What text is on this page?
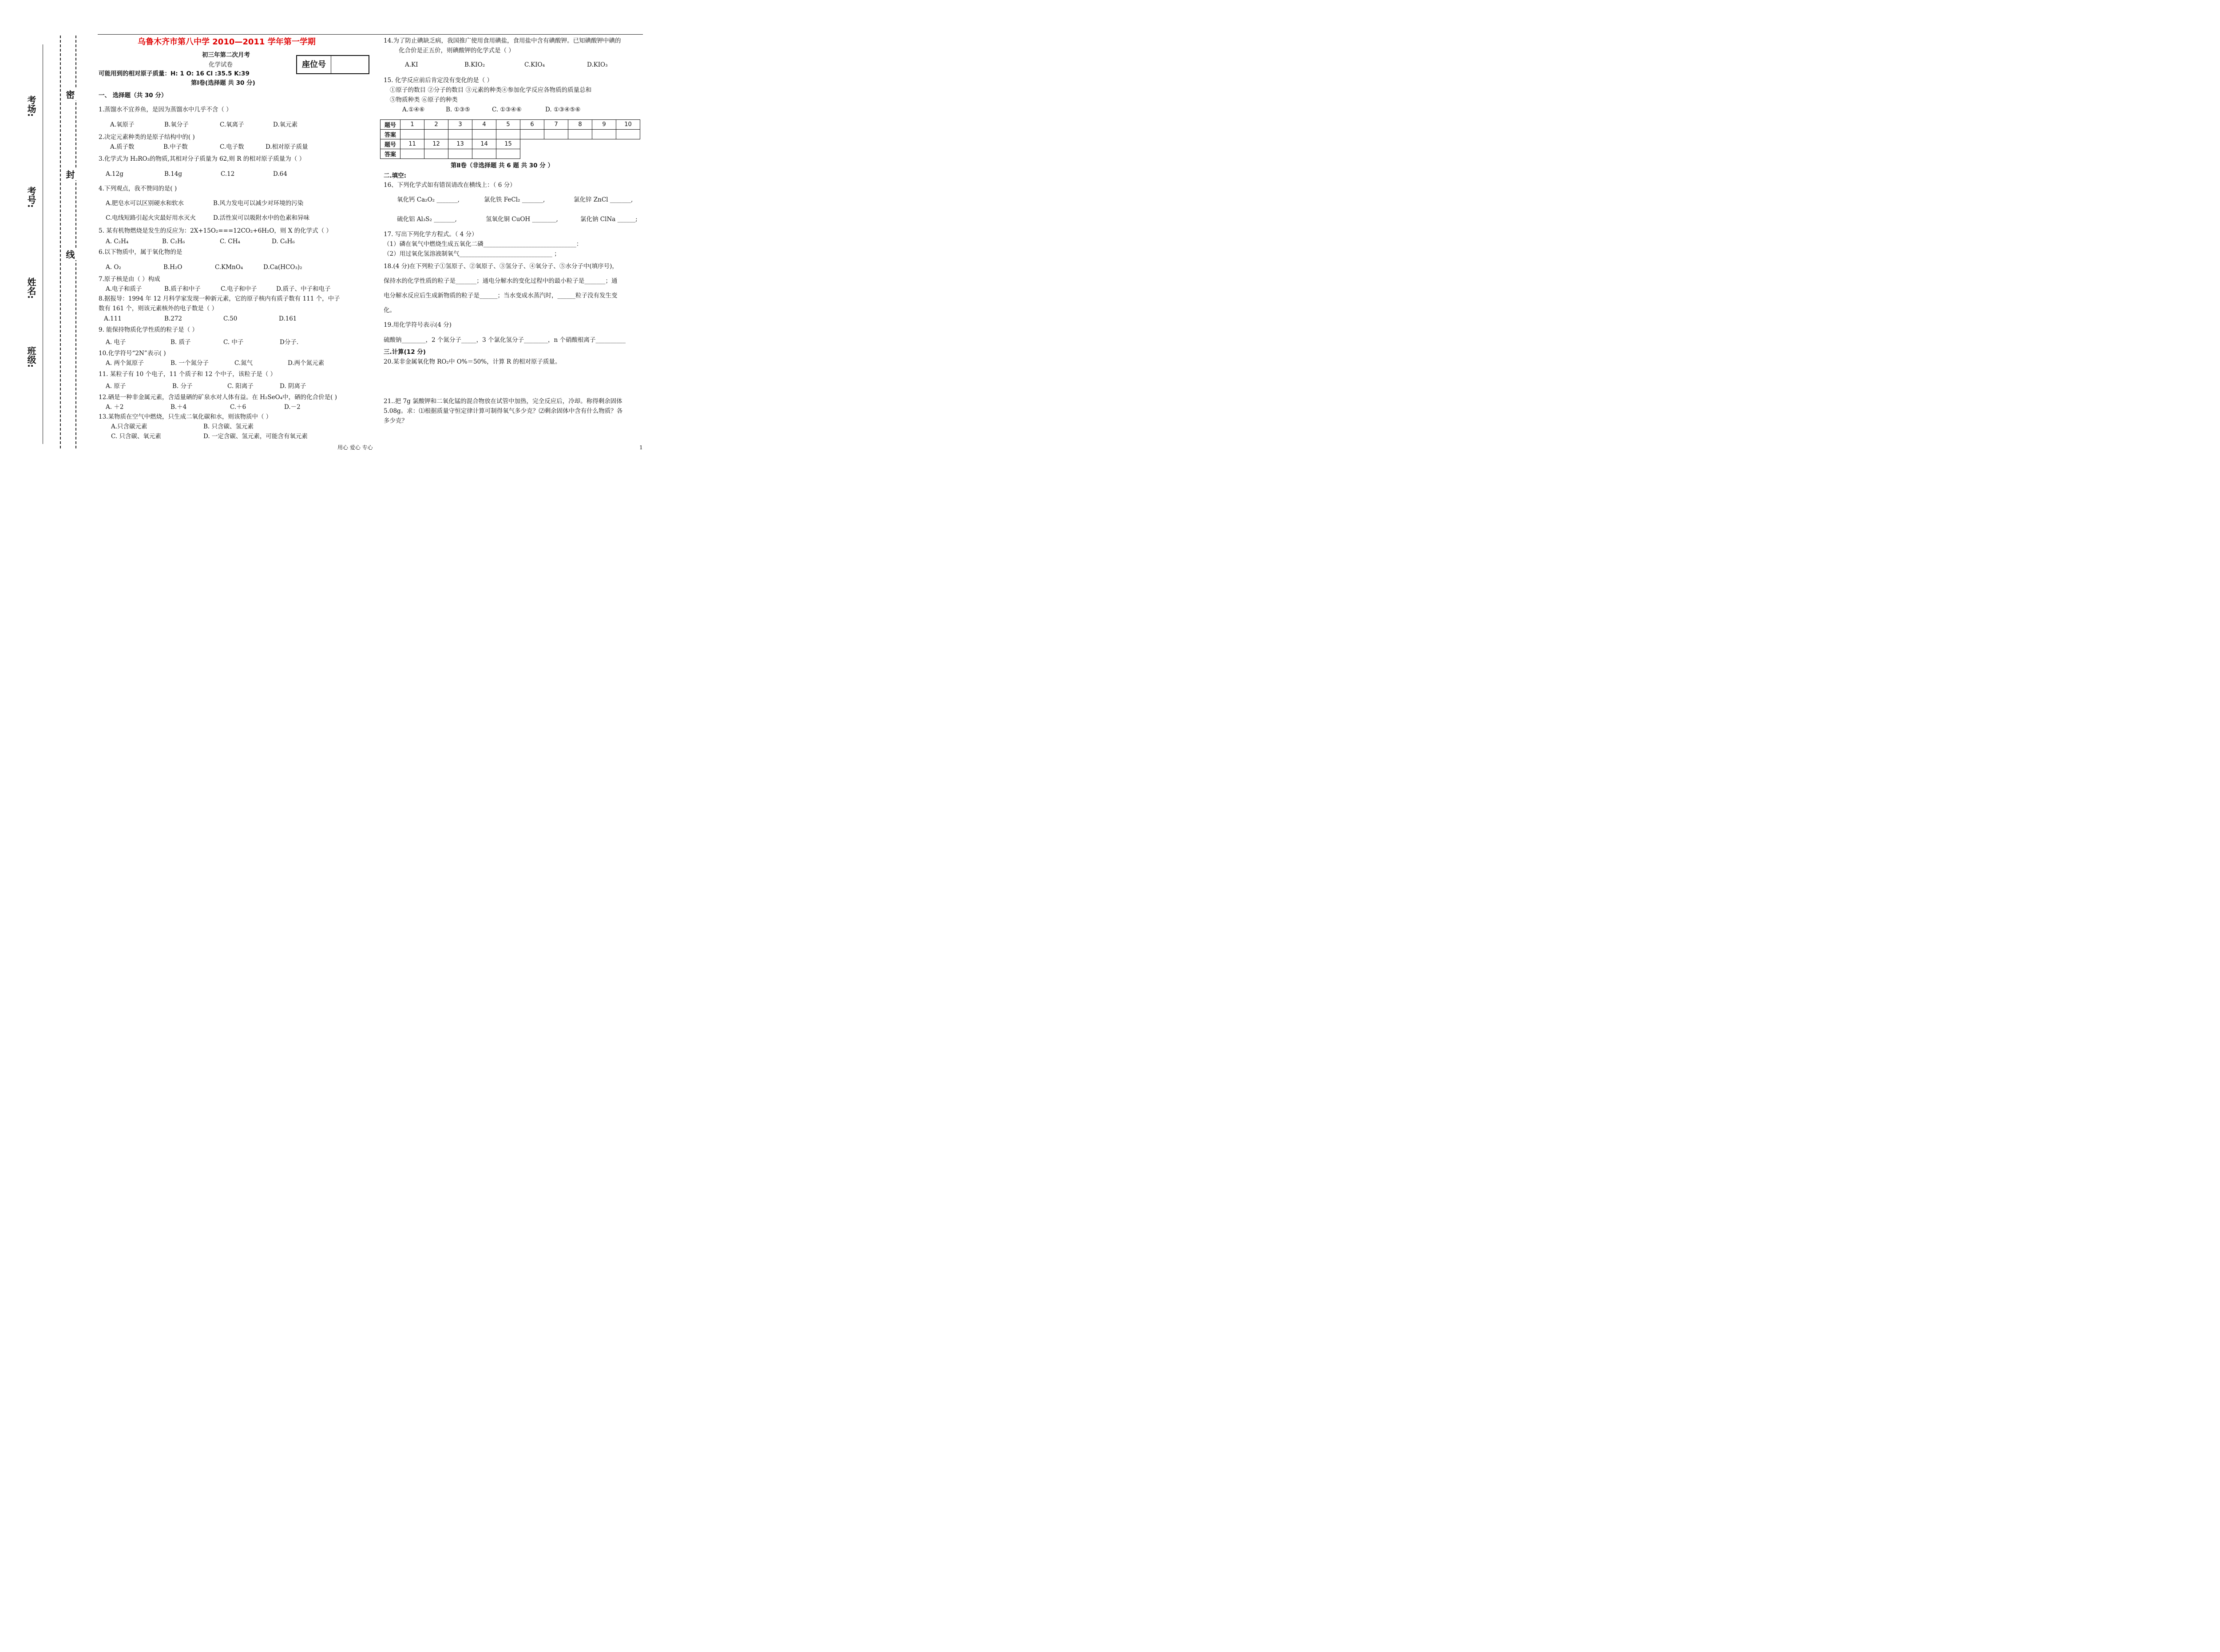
考场:
考号:
姓名:
班级:
密
封
线
乌鲁木齐市第八中学 2010—2011 学年第一学期
初三年第二次月考
化学试卷
可能用到的相对原子质量：H: 1 O: 16 Cl :35.5 K:39
座位号
第Ⅰ卷(选择题 共 30 分)
一、 选择题（共 30 分）
1.蒸馏水不宜养鱼，是因为蒸馏水中几乎不含（ ）
A.氧原子	B.氧分子	C.氧离子	D.氧元素
2.决定元素种类的是原子结构中的( )
A.质子数	B.中子数	C.电子数	D.相对原子质量
3.化学式为 H₂RO₃的物质,其相对分子质量为 62,则 R 的相对原子质量为（ ）
A.12g	B.14g	C.12	D.64
4.下列观点，我不赞同的是( )
A.肥皂水可以区别硬水和软水	B.风力发电可以减少对环境的污染
C.电线短路引起火灾最好用水灭火	D.活性炭可以吸附水中的色素和异味
5. 某有机物燃烧是发生的反应为：2X+15O₂===12CO₂+6H₂O，则 X 的化学式（ ）
A. C₂H₄	B. C₂H₆	C. CH₄	D. C₆H₆
6.以下物质中，属于氧化物的是
A. O₂	B.H₂O	C.KMnO₄	D.Ca(HCO₃)₂
7.原子核是由（ ）构成
A.电子和质子	B.质子和中子	C.电子和中子	D.质子、中子和电子
8.据报导：1994 年 12 月科学家发现一种新元素，它的原子核内有质子数有 111 个，中子
数有 161 个，则该元素核外的电子数是（ ）
A.111	B.272	C.50	D.161
9. 能保持物质化学性质的粒子是（ ）
A. 电子	B. 质子	C. 中子	D分子.
10.化学符号“2N”表示( )
A. 两个氮原子	B. 一个氮分子	C.氮气	D.两个氮元素
11. 某粒子有 10 个电子，11 个质子和 12 个中子，该粒子是（ ）
A. 原子	B. 分子	C. 阳离子	D. 阴离子
12.硒是一种非金属元素，含适量硒的矿泉水对人体有益。在 H₂SeO₄中，硒的化合价是( )
A. ＋2	B.＋4	C.＋6	D.－2
13.某物质在空气中燃烧，只生成二氧化碳和水，则该物质中（ ）
A.只含碳元素	B. 只含碳、氢元素
C. 只含碳、氧元素	D. 一定含碳、氢元素，可能含有氧元素
14.为了防止碘缺乏病，我国推广使用食用碘盐，食用盐中含有碘酸钾。已知碘酸钾中碘的
化合价是正五价，则碘酸钾的化学式是（ ）
A.KI	B.KIO₂	C.KIO₄	D.KIO₃
15. 化学反应前后肯定没有变化的是（ ）
①原子的数目 ②分子的数目 ③元素的种类④参加化学反应各物质的质量总和
⑤物质种类 ⑥原子的种类
A.①④⑥	B. ①③⑤	C. ①③④⑥	D. ①③④⑤⑥
题号	1	2	3	4	5	6	7	8	9	10
答案										
题号	11	12	13	14	15					
答案										
第Ⅱ卷（非选择题 共 6 题 共 30 分 ）
二.填空:
16、下列化学式如有错误请改在横线上：（ 6 分）
氧化钙 Ca₂O₂ _______,	氯化铁 FeCl₂ _______,	氯化锌 ZnCl _______,
硫化铝 Al₃S₂ _______,	氢氧化铜 CuOH ________,	氯化钠 ClNa ______;
17. 写出下列化学方程式。（ 4 分）
（1）磷在氧气中燃烧生成五氧化二磷_______________________________：
（2）用过氧化氢溶液制氧气_______________________________ ；
18.(4 分)在下列粒子①氢原子、②氧原子、③氢分子、④氧分子、⑤水分子中(填序号)，
保持水的化学性质的粒子是_______；通电分解水的变化过程中的最小粒子是_______；通
电分解水反应后生成新物质的粒子是______；当水变成水蒸汽时，______粒子没有发生变
化。
19.用化学符号表示(4 分)
硫酸钠________，2 个氮分子_____，3 个氯化氢分子________，n 个硝酸根离子__________
三.计算(12 分)
20.某非金属氧化物 RO₂中 O%＝50%，计算 R 的相对原子质量。
21..把 7g 氯酸钾和二氧化锰的混合物放在试管中加热，完全反应后，冷却。称得剩余固体
5.08g。求：⑴根据质量守恒定律计算可制得氧气多少克？⑵剩余固体中含有什么物质？各
多少克？
用心 爱心 专心	1
